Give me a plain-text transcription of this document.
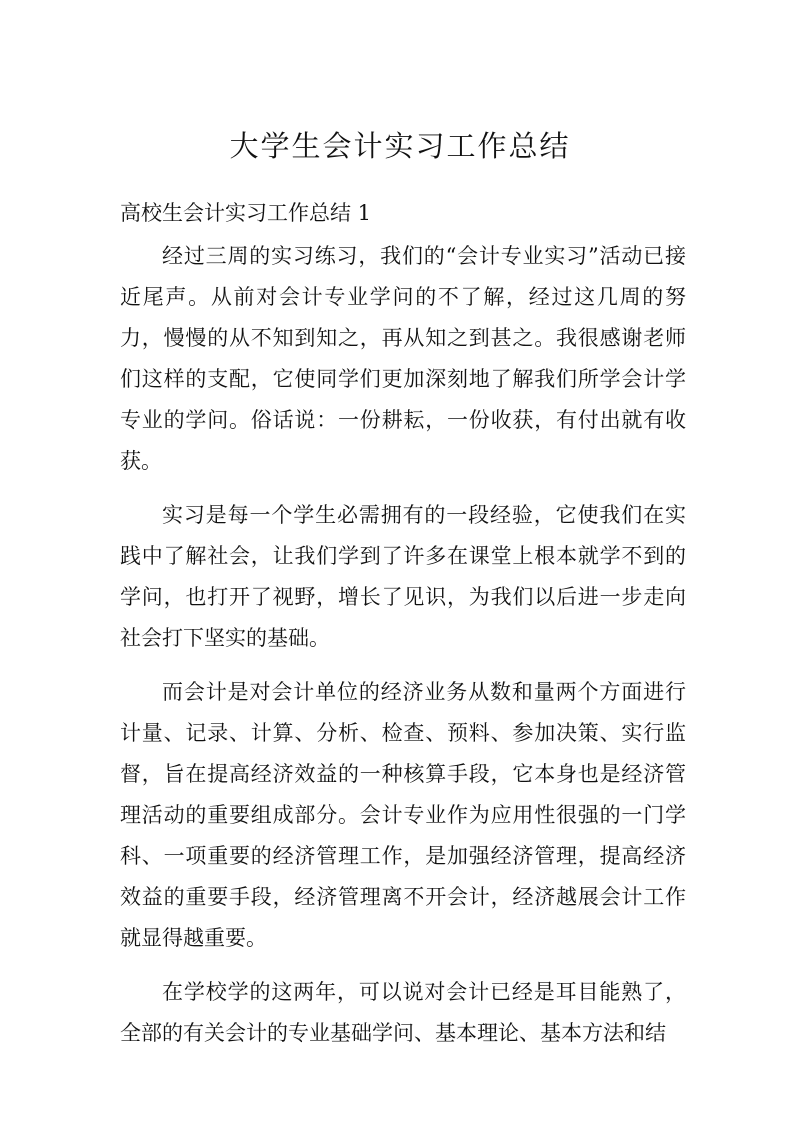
大学生会计实习工作总结
高校生会计实习工作总结 1

经过三周的实习练习，我们的“会计专业实习”活动已接近尾声。从前对会计专业学问的不了解，经过这几周的努力，慢慢的从不知到知之，再从知之到甚之。我很感谢老师们这样的支配，它使同学们更加深刻地了解我们所学会计学专业的学问。俗话说：一份耕耘，一份收获，有付出就有收获。

实习是每一个学生必需拥有的一段经验，它使我们在实践中了解社会，让我们学到了许多在课堂上根本就学不到的学问，也打开了视野，增长了见识，为我们以后进一步走向社会打下坚实的基础。

而会计是对会计单位的经济业务从数和量两个方面进行计量、记录、计算、分析、检查、预料、参加决策、实行监督，旨在提高经济效益的一种核算手段，它本身也是经济管理活动的重要组成部分。会计专业作为应用性很强的一门学科、一项重要的经济管理工作，是加强经济管理，提高经济效益的重要手段，经济管理离不开会计，经济越展会计工作就显得越重要。

在学校学的这两年，可以说对会计已经是耳目能熟了，全部的有关会计的专业基础学问、基本理论、基本方法和结
